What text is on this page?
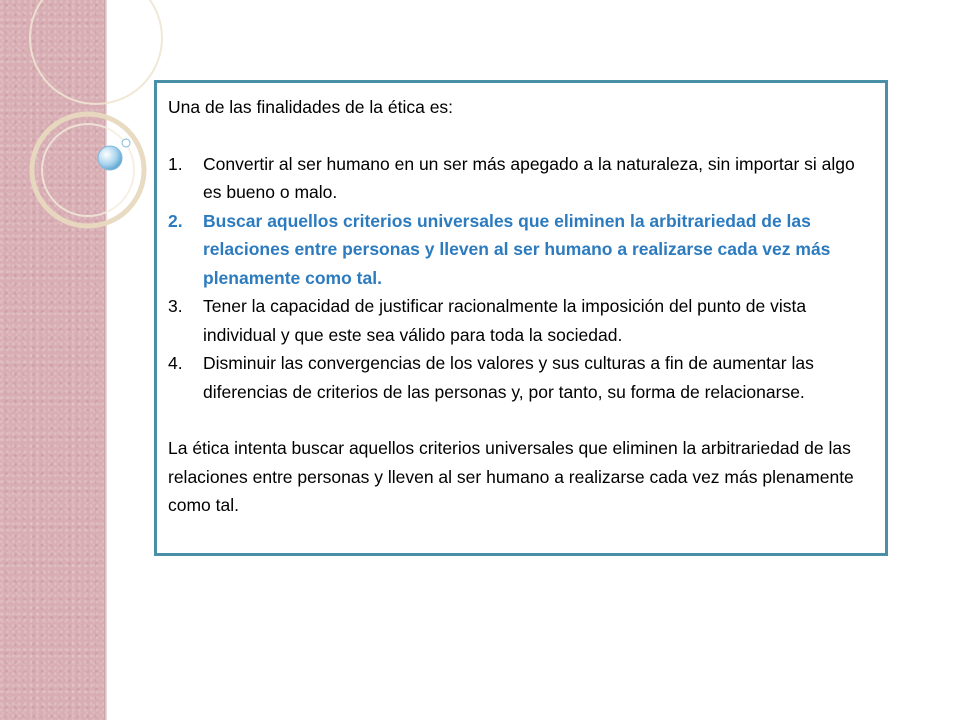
Una de las finalidades de la ética es:

1. Convertir al ser humano en un ser más apegado a la naturaleza, sin importar si algo es bueno o malo.
2. Buscar aquellos criterios universales que eliminen la arbitrariedad de las relaciones entre personas y lleven al ser humano a realizarse cada vez más plenamente como tal.
3. Tener la capacidad de justificar racionalmente la imposición del punto de vista individual y que este sea válido para toda la sociedad.
4. Disminuir las convergencias de los valores y sus culturas a fin de aumentar las diferencias de criterios de las personas y, por tanto, su forma de relacionarse.

La ética intenta buscar aquellos criterios universales que eliminen la arbitrariedad de las relaciones entre personas y lleven al ser humano a realizarse cada vez más plenamente como tal.
